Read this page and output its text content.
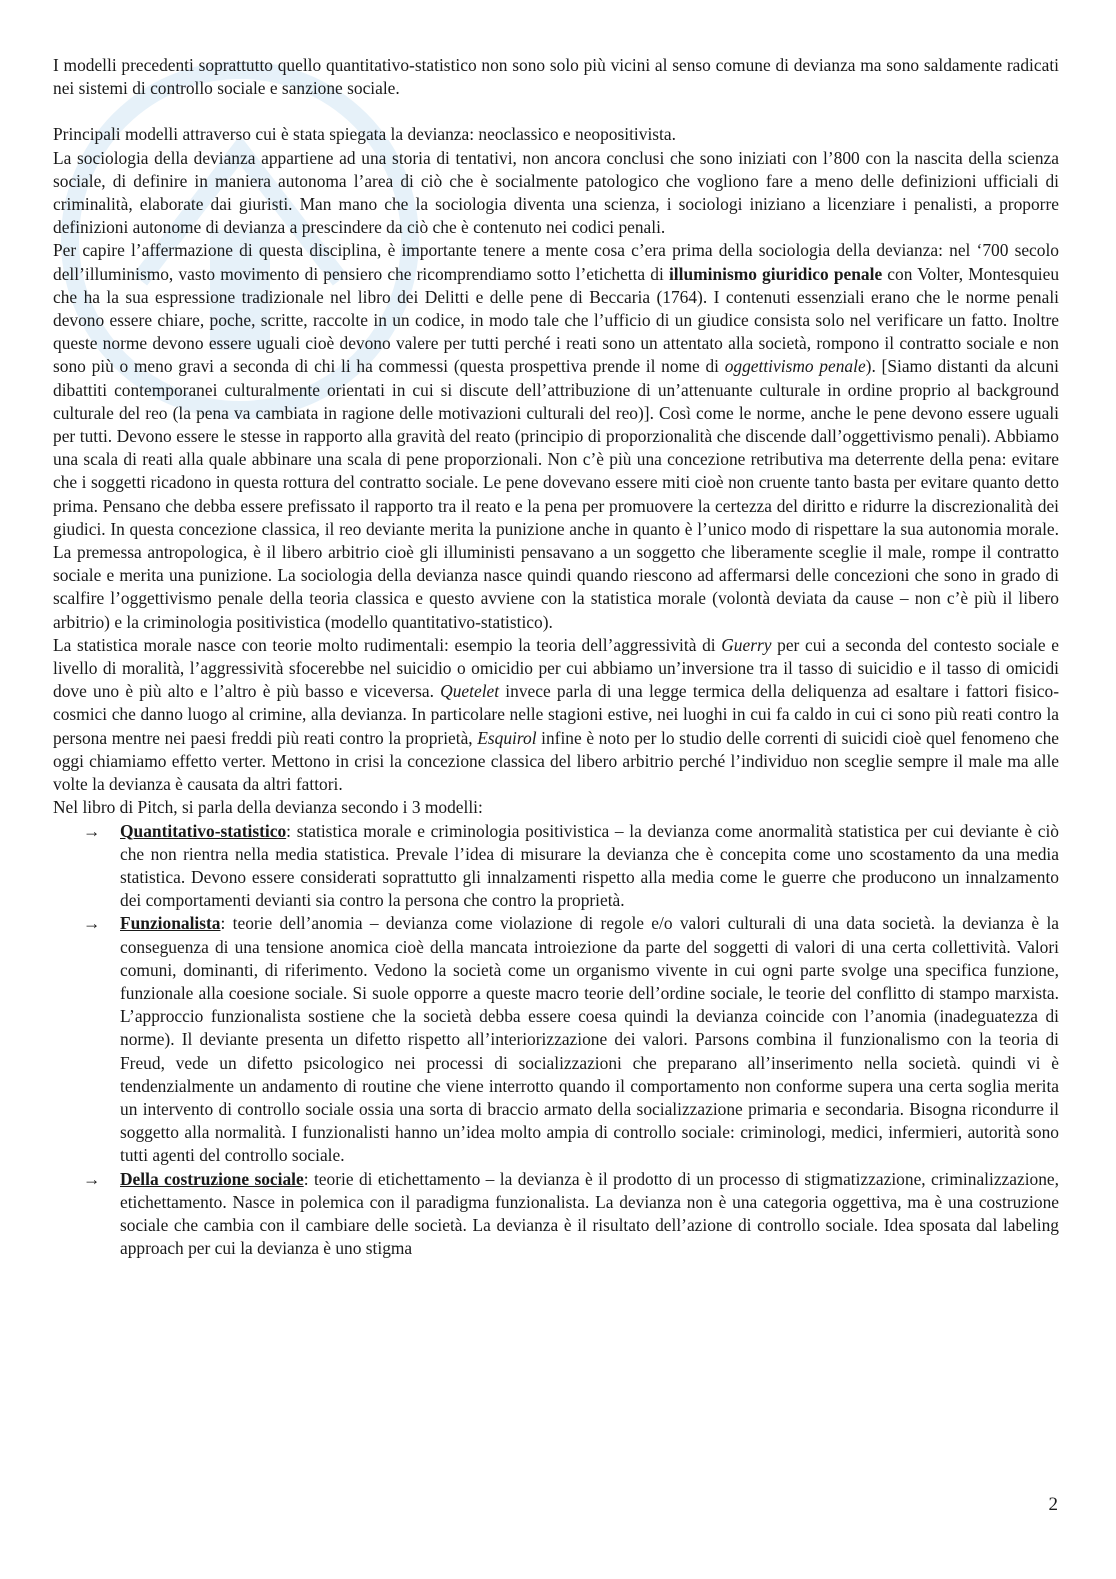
I modelli precedenti soprattutto quello quantitativo-statistico non sono solo più vicini al senso comune di devianza ma sono saldamente radicati nei sistemi di controllo sociale e sanzione sociale.

Principali modelli attraverso cui è stata spiegata la devianza: neoclassico e neopositivista.

La sociologia della devianza appartiene ad una storia di tentativi, non ancora conclusi che sono iniziati con l’800 con la nascita della scienza sociale, di definire in maniera autonoma l’area di ciò che è socialmente patologico che vogliono fare a meno delle definizioni ufficiali di criminalità, elaborate dai giuristi. Man mano che la sociologia diventa una scienza, i sociologi iniziano a licenziare i penalisti, a proporre definizioni autonome di devianza a prescindere da ciò che è contenuto nei codici penali.

Per capire l’affermazione di questa disciplina, è importante tenere a mente cosa c’era prima della sociologia della devianza: nel ‘700 secolo dell’illuminismo, vasto movimento di pensiero che ricomprendiamo sotto l’etichetta di illuminismo giuridico penale con Volter, Montesquieu che ha la sua espressione tradizionale nel libro dei Delitti e delle pene di Beccaria (1764). I contenuti essenziali erano che le norme penali devono essere chiare, poche, scritte, raccolte in un codice, in modo tale che l’ufficio di un giudice consista solo nel verificare un fatto. Inoltre queste norme devono essere uguali cioè devono valere per tutti perché i reati sono un attentato alla società, rompono il contratto sociale e non sono più o meno gravi a seconda di chi li ha commessi (questa prospettiva prende il nome di oggettivismo penale). [Siamo distanti da alcuni dibattiti contemporanei culturalmente orientati in cui si discute dell’attribuzione di un’attenuante culturale in ordine proprio al background culturale del reo (la pena va cambiata in ragione delle motivazioni culturali del reo)]. Così come le norme, anche le pene devono essere uguali per tutti. Devono essere le stesse in rapporto alla gravità del reato (principio di proporzionalità che discende dall’oggettivismo penali). Abbiamo una scala di reati alla quale abbinare una scala di pene proporzionali. Non c’è più una concezione retributiva ma deterrente della pena: evitare che i soggetti ricadono in questa rottura del contratto sociale. Le pene dovevano essere miti cioè non cruente tanto basta per evitare quanto detto prima. Pensano che debba essere prefissato il rapporto tra il reato e la pena per promuovere la certezza del diritto e ridurre la discrezionalità dei giudici. In questa concezione classica, il reo deviante merita la punizione anche in quanto è l’unico modo di rispettare la sua autonomia morale. La premessa antropologica, è il libero arbitrio cioè gli illuministi pensavano a un soggetto che liberamente sceglie il male, rompe il contratto sociale e merita una punizione. La sociologia della devianza nasce quindi quando riescono ad affermarsi delle concezioni che sono in grado di scalfire l’oggettivismo penale della teoria classica e questo avviene con la statistica morale (volontà deviata da cause – non c’è più il libero arbitrio) e la criminologia positivistica (modello quantitativo-statistico).

La statistica morale nasce con teorie molto rudimentali: esempio la teoria dell’aggressività di Guerry per cui a seconda del contesto sociale e livello di moralità, l’aggressività sfocerebbe nel suicidio o omicidio per cui abbiamo un’inversione tra il tasso di suicidio e il tasso di omicidi dove uno è più alto e l’altro è più basso e viceversa. Quetelet invece parla di una legge termica della deliquenza ad esaltare i fattori fisico-cosmici che danno luogo al crimine, alla devianza. In particolare nelle stagioni estive, nei luoghi in cui fa caldo in cui ci sono più reati contro la persona mentre nei paesi freddi più reati contro la proprietà, Esquirol infine è noto per lo studio delle correnti di suicidi cioè quel fenomeno che oggi chiamiamo effetto verter. Mettono in crisi la concezione classica del libero arbitrio perché l’individuo non sceglie sempre il male ma alle volte la devianza è causata da altri fattori.

Nel libro di Pitch, si parla della devianza secondo i 3 modelli:

→ Quantitativo-statistico: statistica morale e criminologia positivistica – la devianza come anormalità statistica per cui deviante è ciò che non rientra nella media statistica. Prevale l’idea di misurare la devianza che è concepita come uno scostamento da una media statistica. Devono essere considerati soprattutto gli innalzamenti rispetto alla media come le guerre che producono un innalzamento dei comportamenti devianti sia contro la persona che contro la proprietà.
→ Funzionalista: teorie dell’anomia – devianza come violazione di regole e/o valori culturali di una data società. la devianza è la conseguenza di una tensione anomica cioè della mancata introiezione da parte del soggetti di valori di una certa collettività. Valori comuni, dominanti, di riferimento. Vedono la società come un organismo vivente in cui ogni parte svolge una specifica funzione, funzionale alla coesione sociale. Si suole opporre a queste macro teorie dell’ordine sociale, le teorie del conflitto di stampo marxista. L’approccio funzionalista sostiene che la società debba essere coesa quindi la devianza coincide con l’anomia (inadeguatezza di norme). Il deviante presenta un difetto rispetto all’interiorizzazione dei valori. Parsons combina il funzionalismo con la teoria di Freud, vede un difetto psicologico nei processi di socializzazioni che preparano all’inserimento nella società. quindi vi è tendenzialmente un andamento di routine che viene interrotto quando il comportamento non conforme supera una certa soglia merita un intervento di controllo sociale ossia una sorta di braccio armato della socializzazione primaria e secondaria. Bisogna ricondurre il soggetto alla normalità. I funzionalisti hanno un’idea molto ampia di controllo sociale: criminologi, medici, infermieri, autorità sono tutti agenti del controllo sociale.
→ Della costruzione sociale: teorie di etichettamento – la devianza è il prodotto di un processo di stigmatizzazione, criminalizzazione, etichettamento. Nasce in polemica con il paradigma funzionalista. La devianza non è una categoria oggettiva, ma è una costruzione sociale che cambia con il cambiare delle società. La devianza è il risultato dell’azione di controllo sociale. Idea sposata dal labeling approach per cui la devianza è uno stigma
2
